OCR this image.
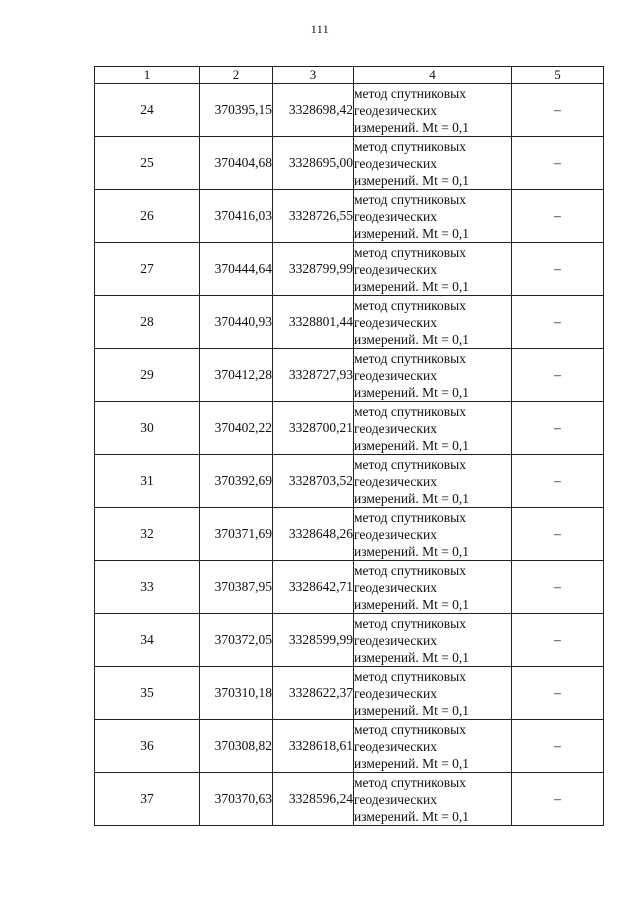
111
1	2	3	4	5
24	370395,15	3328698,42	метод спутниковых
геодезических
измерений. Mt = 0,1	–
25	370404,68	3328695,00	метод спутниковых
геодезических
измерений. Mt = 0,1	–
26	370416,03	3328726,55	метод спутниковых
геодезических
измерений. Mt = 0,1	–
27	370444,64	3328799,99	метод спутниковых
геодезических
измерений. Mt = 0,1	–
28	370440,93	3328801,44	метод спутниковых
геодезических
измерений. Mt = 0,1	–
29	370412,28	3328727,93	метод спутниковых
геодезических
измерений. Mt = 0,1	–
30	370402,22	3328700,21	метод спутниковых
геодезических
измерений. Mt = 0,1	–
31	370392,69	3328703,52	метод спутниковых
геодезических
измерений. Mt = 0,1	–
32	370371,69	3328648,26	метод спутниковых
геодезических
измерений. Mt = 0,1	–
33	370387,95	3328642,71	метод спутниковых
геодезических
измерений. Mt = 0,1	–
34	370372,05	3328599,99	метод спутниковых
геодезических
измерений. Mt = 0,1	–
35	370310,18	3328622,37	метод спутниковых
геодезических
измерений. Mt = 0,1	–
36	370308,82	3328618,61	метод спутниковых
геодезических
измерений. Mt = 0,1	–
37	370370,63	3328596,24	метод спутниковых
геодезических
измерений. Mt = 0,1	–
